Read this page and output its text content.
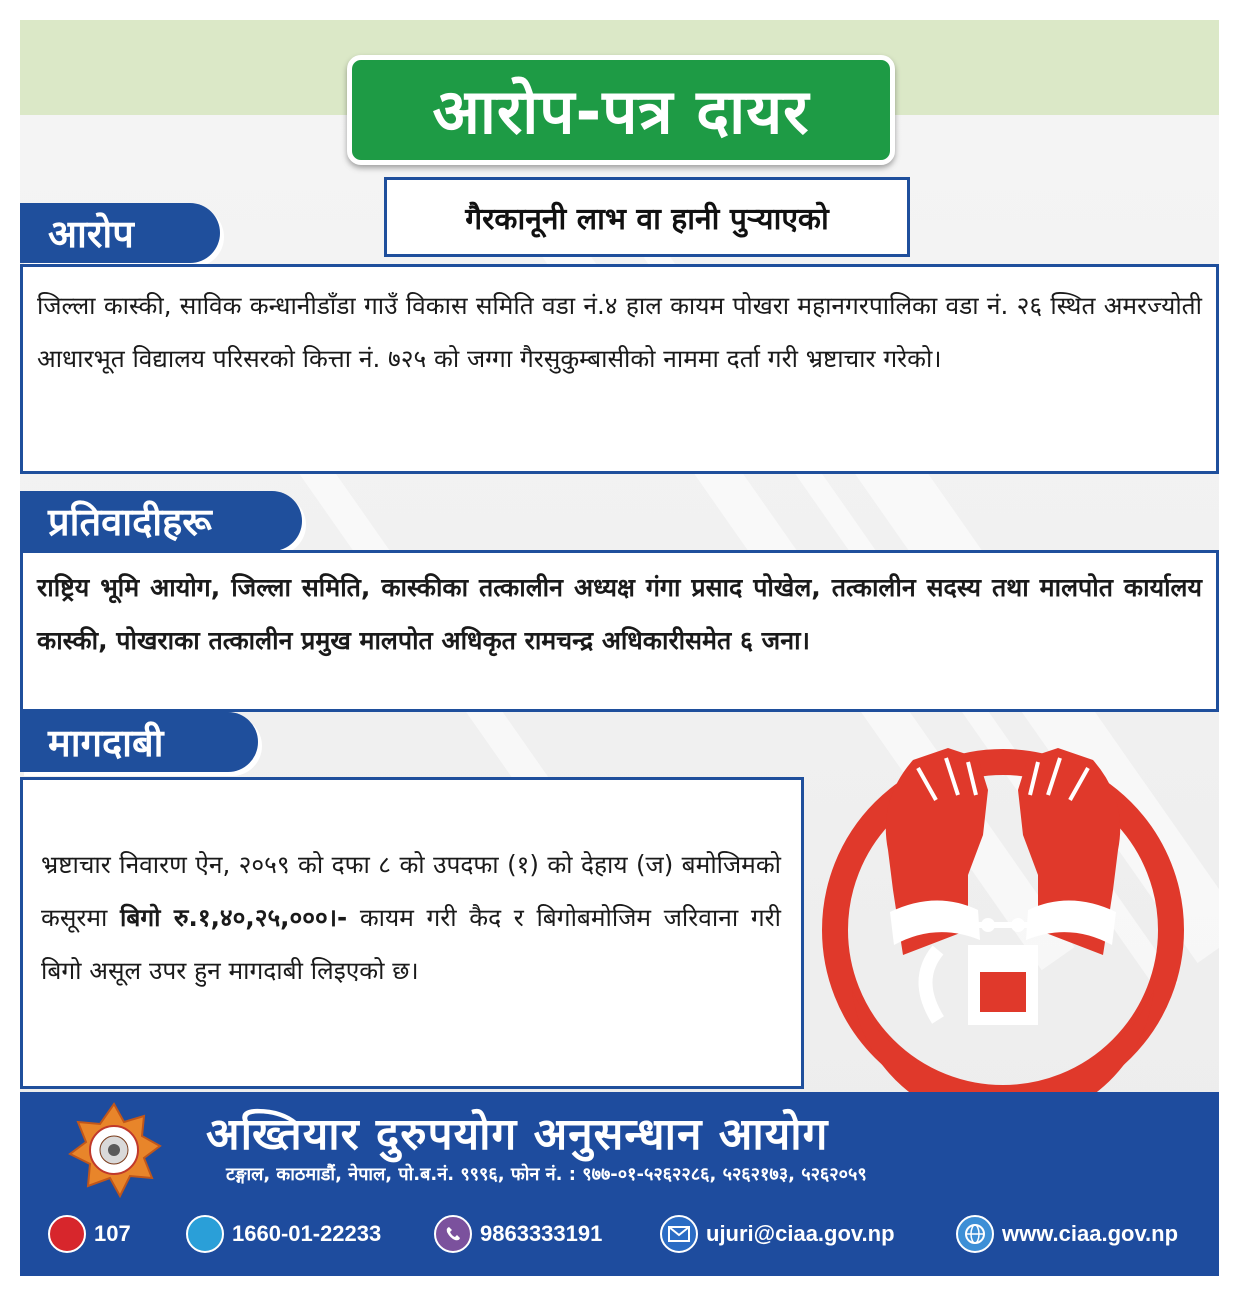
आरोप-पत्र दायर
गैरकानूनी लाभ वा हानी पुऱ्याएको
आरोप

जिल्ला कास्की, साविक कन्धानीडाँडा गाउँ विकास समिति वडा नं.४ हाल कायम पोखरा महानगरपालिका वडा नं. २६ स्थित अमरज्योती आधारभूत विद्यालय परिसरको कित्ता नं. ७२५ को जग्गा गैरसुकुम्बासीको नाममा दर्ता गरी भ्रष्टाचार गरेको।

प्रतिवादीहरू

राष्ट्रिय भूमि आयोग, जिल्ला समिति, कास्कीका तत्कालीन अध्यक्ष गंगा प्रसाद पोखेल, तत्कालीन सदस्य तथा मालपोत कार्यालय कास्की, पोखराका तत्कालीन प्रमुख मालपोत अधिकृत रामचन्द्र अधिकारीसमेत ६ जना।

मागदाबी

भ्रष्टाचार निवारण ऐन, २०५९ को दफा ८ को उपदफा (१) को देहाय (ज) बमोजिमको कसूरमा बिगो रु.१,४०,२५,०००।- कायम गरी कैद र बिगोबमोजिम जरिवाना गरी बिगो असूल उपर हुन मागदाबी लिइएको छ।

अख्तियार दुरुपयोग अनुसन्धान आयोग
टङ्गाल, काठमाडौं, नेपाल, पो.ब.नं. ९९९६, फोन नं. : ९७७-०१-५२६२२८६, ५२६२१७३, ५२६२०५९
107	1660-01-22233	9863333191	ujuri@ciaa.gov.np	www.ciaa.gov.np
